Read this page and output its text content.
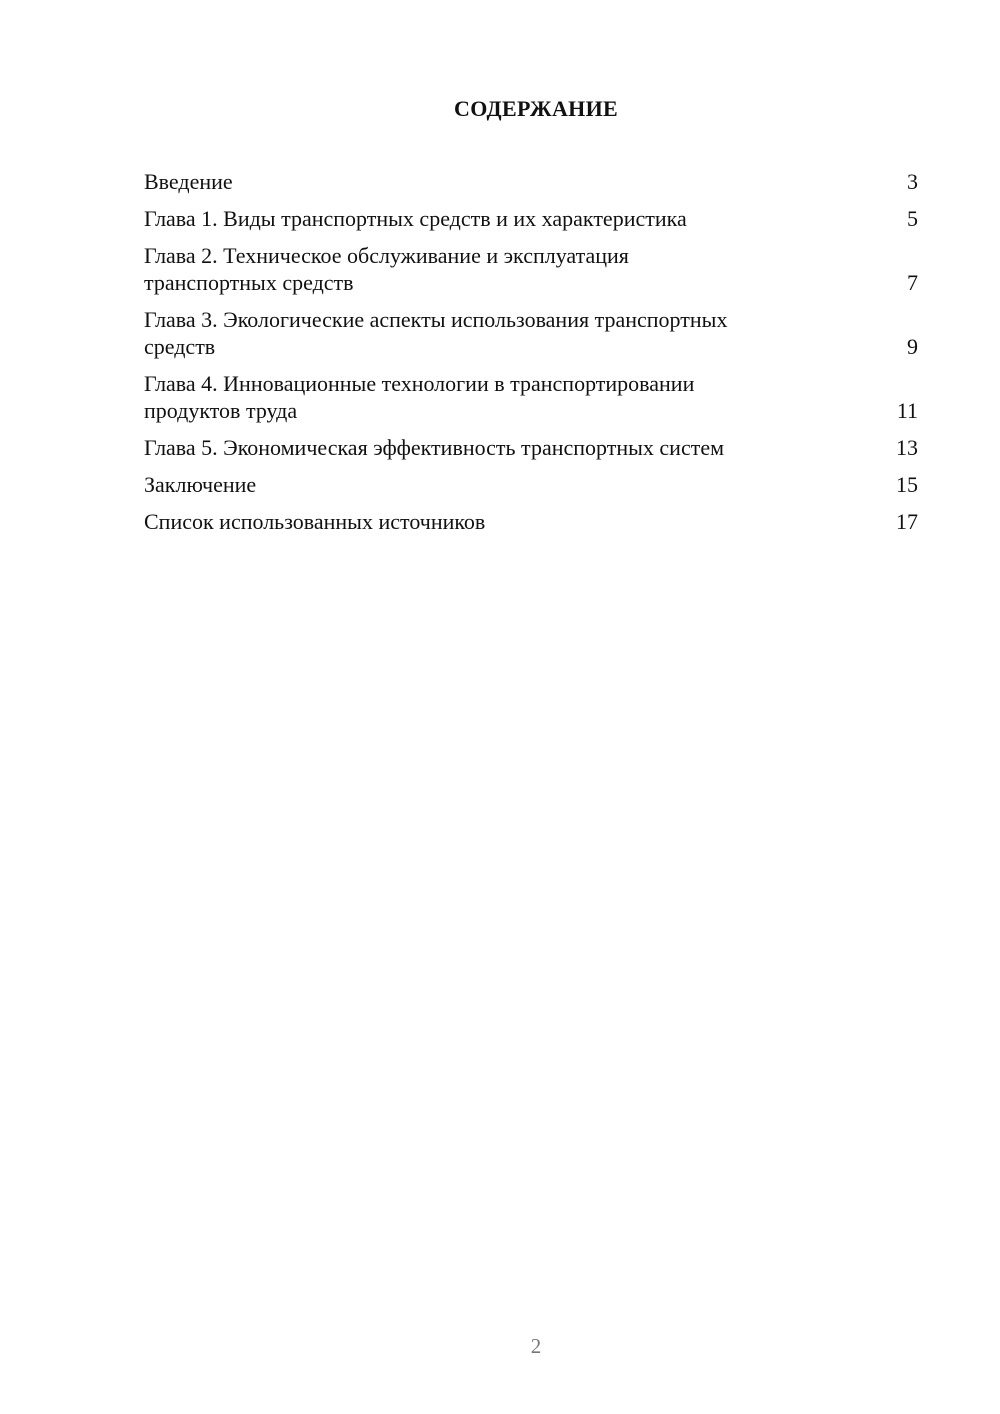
СОДЕРЖАНИЕ
Введение	3
Глава 1. Виды транспортных средств и их характеристика	5
Глава 2. Техническое обслуживание и эксплуатация
транспортных средств	7
Глава 3. Экологические аспекты использования транспортных
средств	9
Глава 4. Инновационные технологии в транспортировании
продуктов труда	11
Глава 5. Экономическая эффективность транспортных систем	13
Заключение	15
Список использованных источников	17
2
